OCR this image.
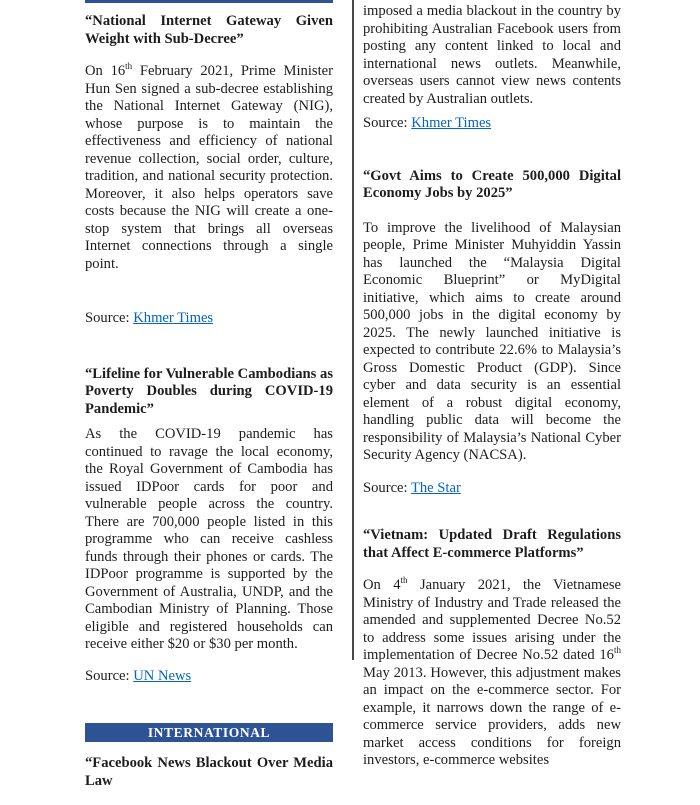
“National Internet Gateway Given Weight with Sub-Decree”

On 16th February 2021, Prime Minister Hun Sen signed a sub-decree establishing the National Internet Gateway (NIG), whose purpose is to maintain the effectiveness and efficiency of national revenue collection, social order, culture, tradition, and national security protection. Moreover, it also helps operators save costs because the NIG will create a one-stop system that brings all overseas Internet connections through a single point.

Source: Khmer Times

“Lifeline for Vulnerable Cambodians as Poverty Doubles during COVID-19 Pandemic”

As the COVID-19 pandemic has continued to ravage the local economy, the Royal Government of Cambodia has issued IDPoor cards for poor and vulnerable people across the country. There are 700,000 people listed in this programme who can receive cashless funds through their phones or cards. The IDPoor programme is supported by the Government of Australia, UNDP, and the Cambodian Ministry of Planning. Those eligible and registered households can receive either $20 or $30 per month.

Source: UN News

INTERNATIONAL

“Facebook News Blackout Over Media Law

imposed a media blackout in the country by prohibiting Australian Facebook users from posting any content linked to local and international news outlets. Meanwhile, overseas users cannot view news contents created by Australian outlets.

Source: Khmer Times

“Govt Aims to Create 500,000 Digital Economy Jobs by 2025”

To improve the livelihood of Malaysian people, Prime Minister Muhyiddin Yassin has launched the “Malaysia Digital Economic Blueprint” or MyDigital initiative, which aims to create around 500,000 jobs in the digital economy by 2025. The newly launched initiative is expected to contribute 22.6% to Malaysia’s Gross Domestic Product (GDP). Since cyber and data security is an essential element of a robust digital economy, handling public data will become the responsibility of Malaysia’s National Cyber Security Agency (NACSA).

Source: The Star

“Vietnam: Updated Draft Regulations that Affect E-commerce Platforms”

On 4th January 2021, the Vietnamese Ministry of Industry and Trade released the amended and supplemented Decree No.52 to address some issues arising under the implementation of Decree No.52 dated 16th May 2013. However, this adjustment makes an impact on the e-commerce sector. For example, it narrows down the range of e-commerce service providers, adds new market access conditions for foreign investors, e-commerce websites
